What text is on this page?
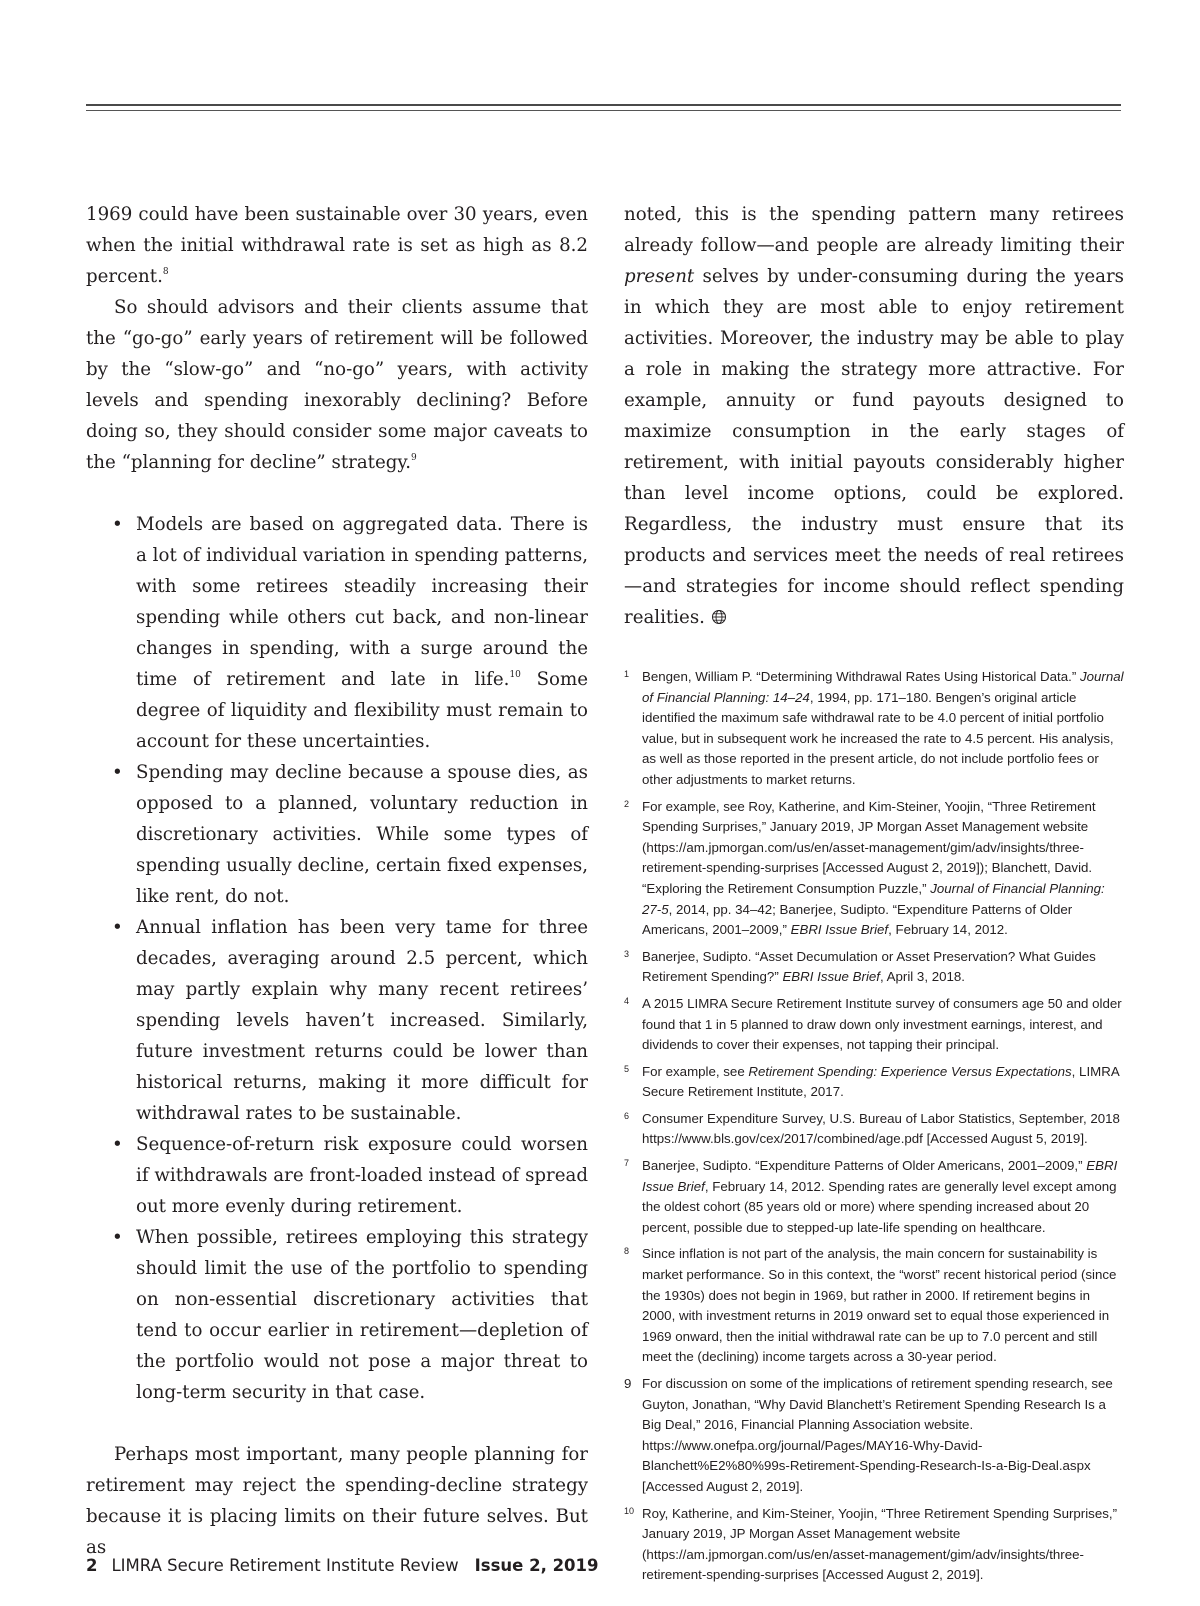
1969 could have been sustainable over 30 years, even when the initial withdrawal rate is set as high as 8.2 percent.$^8$

So should advisors and their clients assume that the “go-go” early years of retirement will be followed by the “slow-go” and “no-go” years, with activity levels and spending inexorably declining? Before doing so, they should consider some major caveats to the “planning for decline” strategy.$^9$

• Models are based on aggregated data. There is a lot of individual variation in spending patterns, with some retirees steadily increasing their spending while others cut back, and non-linear changes in spending, with a surge around the time of retirement and late in life.$^{10}$ Some degree of liquidity and flexibility must remain to account for these uncertainties.
• Spending may decline because a spouse dies, as opposed to a planned, voluntary reduction in discretionary activities. While some types of spending usually decline, certain fixed expenses, like rent, do not.
• Annual inflation has been very tame for three decades, averaging around 2.5 percent, which may partly explain why many recent retirees’ spending levels haven’t increased. Similarly, future investment returns could be lower than historical returns, making it more difficult for withdrawal rates to be sustainable.
• Sequence-of-return risk exposure could worsen if withdrawals are front-loaded instead of spread out more evenly during retirement.
• When possible, retirees employing this strategy should limit the use of the portfolio to spending on non-essential discretionary activities that tend to occur earlier in retirement—depletion of the portfolio would not pose a major threat to long-term security in that case.

Perhaps most important, many people planning for retirement may reject the spending-decline strategy because it is placing limits on their future selves. But as

noted, this is the spending pattern many retirees already follow—and people are already limiting their present selves by under-consuming during the years in which they are most able to enjoy retirement activities. Moreover, the industry may be able to play a role in making the strategy more attractive. For example, annuity or fund payouts designed to maximize consumption in the early stages of retirement, with initial payouts considerably higher than level income options, could be explored. Regardless, the industry must ensure that its products and services meet the needs of real retirees—and strategies for income should reflect spending realities.

1 Bengen, William P. “Determining Withdrawal Rates Using Historical Data.” Journal of Financial Planning: 14–24, 1994, pp. 171–180. Bengen’s original article identified the maximum safe withdrawal rate to be 4.0 percent of initial portfolio value, but in subsequent work he increased the rate to 4.5 percent. His analysis, as well as those reported in the present article, do not include portfolio fees or other adjustments to market returns.
2 For example, see Roy, Katherine, and Kim-Steiner, Yoojin, “Three Retirement Spending Surprises,” January 2019, JP Morgan Asset Management website (https://am.jpmorgan.com/us/en/asset-management/gim/adv/insights/three-retirement-spending-surprises [Accessed August 2, 2019]); Blanchett, David. “Exploring the Retirement Consumption Puzzle,” Journal of Financial Planning: 27-5, 2014, pp. 34–42; Banerjee, Sudipto. “Expenditure Patterns of Older Americans, 2001–2009,” EBRI Issue Brief, February 14, 2012.
3 Banerjee, Sudipto. “Asset Decumulation or Asset Preservation? What Guides Retirement Spending?” EBRI Issue Brief, April 3, 2018.
4 A 2015 LIMRA Secure Retirement Institute survey of consumers age 50 and older found that 1 in 5 planned to draw down only investment earnings, interest, and dividends to cover their expenses, not tapping their principal.
5 For example, see Retirement Spending: Experience Versus Expectations, LIMRA Secure Retirement Institute, 2017.
6 Consumer Expenditure Survey, U.S. Bureau of Labor Statistics, September, 2018 https://www.bls.gov/cex/2017/combined/age.pdf [Accessed August 5, 2019].
7 Banerjee, Sudipto. “Expenditure Patterns of Older Americans, 2001–2009,” EBRI Issue Brief, February 14, 2012. Spending rates are generally level except among the oldest cohort (85 years old or more) where spending increased about 20 percent, possible due to stepped-up late-life spending on healthcare.
8 Since inflation is not part of the analysis, the main concern for sustainability is market performance. So in this context, the “worst” recent historical period (since the 1930s) does not begin in 1969, but rather in 2000. If retirement begins in 2000, with investment returns in 2019 onward set to equal those experienced in 1969 onward, then the initial withdrawal rate can be up to 7.0 percent and still meet the (declining) income targets across a 30-year period.
9 For discussion on some of the implications of retirement spending research, see Guyton, Jonathan, “Why David Blanchett’s Retirement Spending Research Is a Big Deal,” 2016, Financial Planning Association website. https://www.onefpa.org/journal/Pages/MAY16-Why-David-Blanchett%E2%80%99s-Retirement-Spending-Research-Is-a-Big-Deal.aspx [Accessed August 2, 2019].
10 Roy, Katherine, and Kim-Steiner, Yoojin, “Three Retirement Spending Surprises,” January 2019, JP Morgan Asset Management website (https://am.jpmorgan.com/us/en/asset-management/gim/adv/insights/three-retirement-spending-surprises [Accessed August 2, 2019].
2 LIMRA Secure Retirement Institute Review Issue 2, 2019
